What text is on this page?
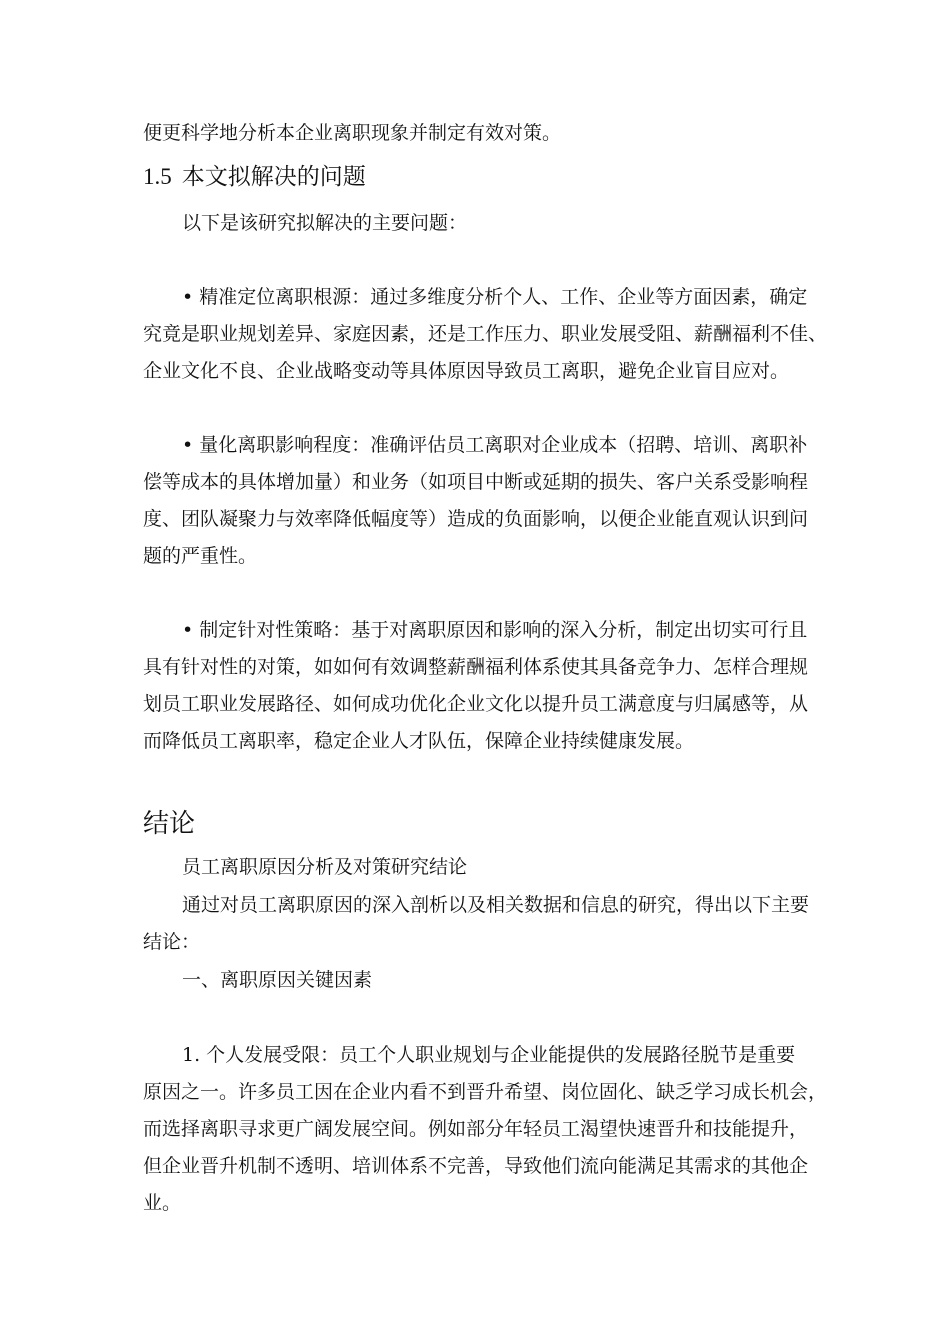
便更科学地分析本企业离职现象并制定有效对策。
1.5 本文拟解决的问题
以下是该研究拟解决的主要问题：
• 精准定位离职根源：通过多维度分析个人、工作、企业等方面因素，确定
究竟是职业规划差异、家庭因素，还是工作压力、职业发展受阻、薪酬福利不佳、
企业文化不良、企业战略变动等具体原因导致员工离职，避免企业盲目应对。
• 量化离职影响程度：准确评估员工离职对企业成本（招聘、培训、离职补
偿等成本的具体增加量）和业务（如项目中断或延期的损失、客户关系受影响程
度、团队凝聚力与效率降低幅度等）造成的负面影响，以便企业能直观认识到问
题的严重性。
• 制定针对性策略：基于对离职原因和影响的深入分析，制定出切实可行且
具有针对性的对策，如如何有效调整薪酬福利体系使其具备竞争力、怎样合理规
划员工职业发展路径、如何成功优化企业文化以提升员工满意度与归属感等，从
而降低员工离职率，稳定企业人才队伍，保障企业持续健康发展。
结论
员工离职原因分析及对策研究结论
通过对员工离职原因的深入剖析以及相关数据和信息的研究，得出以下主要
结论：
一、离职原因关键因素
1. 个人发展受限：员工个人职业规划与企业能提供的发展路径脱节是重要
原因之一。许多员工因在企业内看不到晋升希望、岗位固化、缺乏学习成长机会，
而选择离职寻求更广阔发展空间。例如部分年轻员工渴望快速晋升和技能提升，
但企业晋升机制不透明、培训体系不完善，导致他们流向能满足其需求的其他企
业。
